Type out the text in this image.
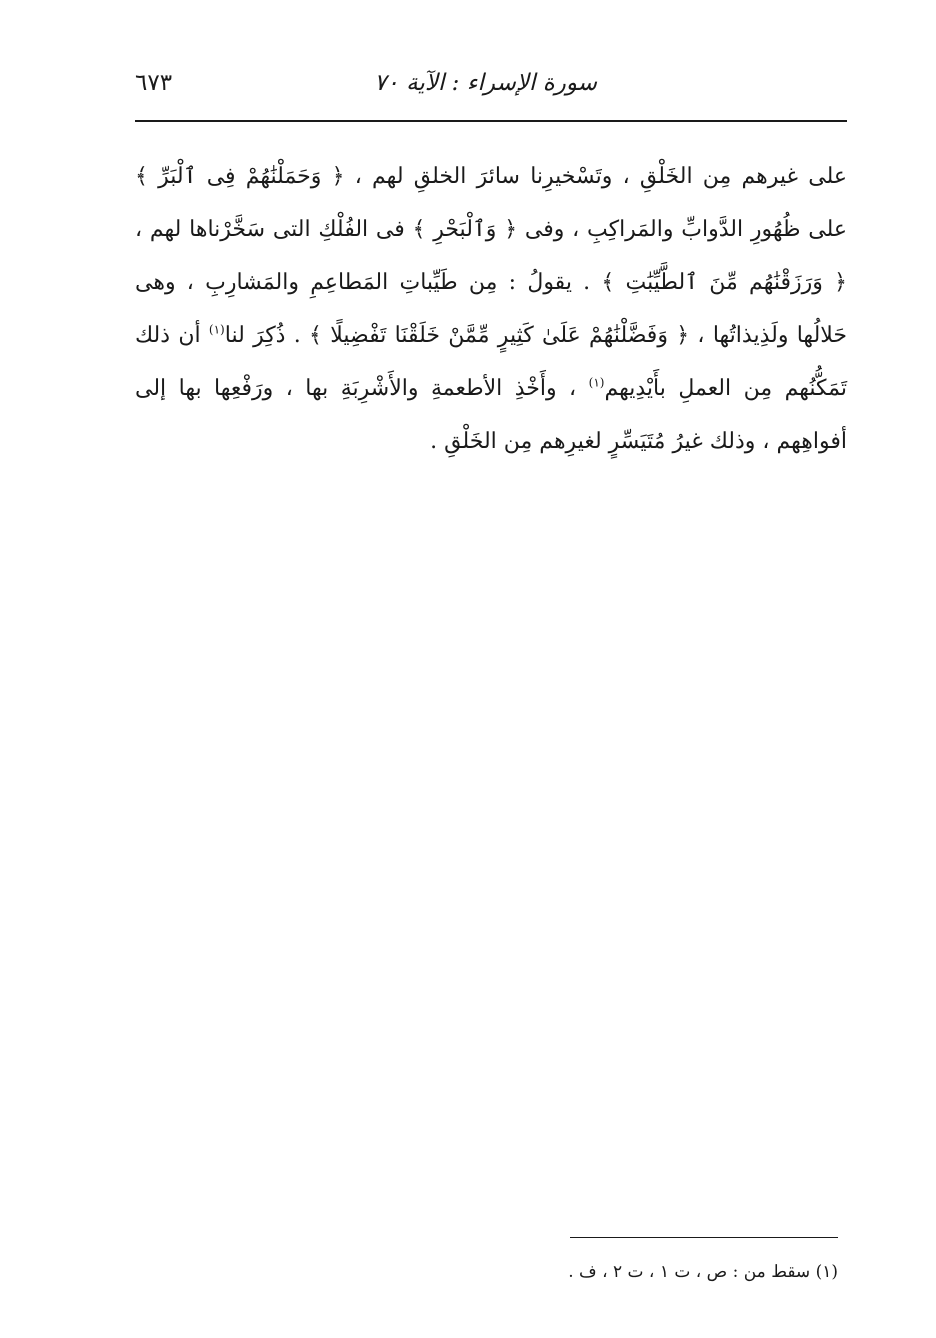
سورة الإسراء : الآية ٧٠
٦٧٣

على غيرهم مِن الخَلْقِ ، وتَسْخيرِنا سائرَ الخلقِ لهم ، ﴿ وَحَمَلْنَٰهُمْ فِى ٱلْبَرِّ ﴾ على ظُهُورِ الدَّوابِّ والمَراكِبِ ، وفى ﴿ وَٱلْبَحْرِ ﴾ فى الفُلْكِ التى سَخَّرْناها لهم ، ﴿ وَرَزَقْنَٰهُم مِّنَ ٱلطَّيِّبَٰتِ ﴾ . يقولُ : مِن طَيِّباتِ المَطاعِمِ والمَشارِبِ ، وهى حَلالُها ولَذِيذاتُها ، ﴿ وَفَضَّلْنَٰهُمْ عَلَىٰ كَثِيرٍ مِّمَّنْ خَلَقْنَا تَفْضِيلًا ﴾ . ذُكِرَ لنا$^{(١)}$ أن ذلك تَمَكُّنُهم مِن العملِ بأَيْدِيهم$^{(١)}$ ، وأَخْذِ الأطعمةِ والأَشْرِبَةِ بها ، ورَفْعِها بها إلى أفواهِهم ، وذلك غيرُ مُتَيَسِّرٍ لغيرِهم مِن الخَلْقِ .

(١) سقط من : ص ، ت ١ ، ت ٢ ، ف .
